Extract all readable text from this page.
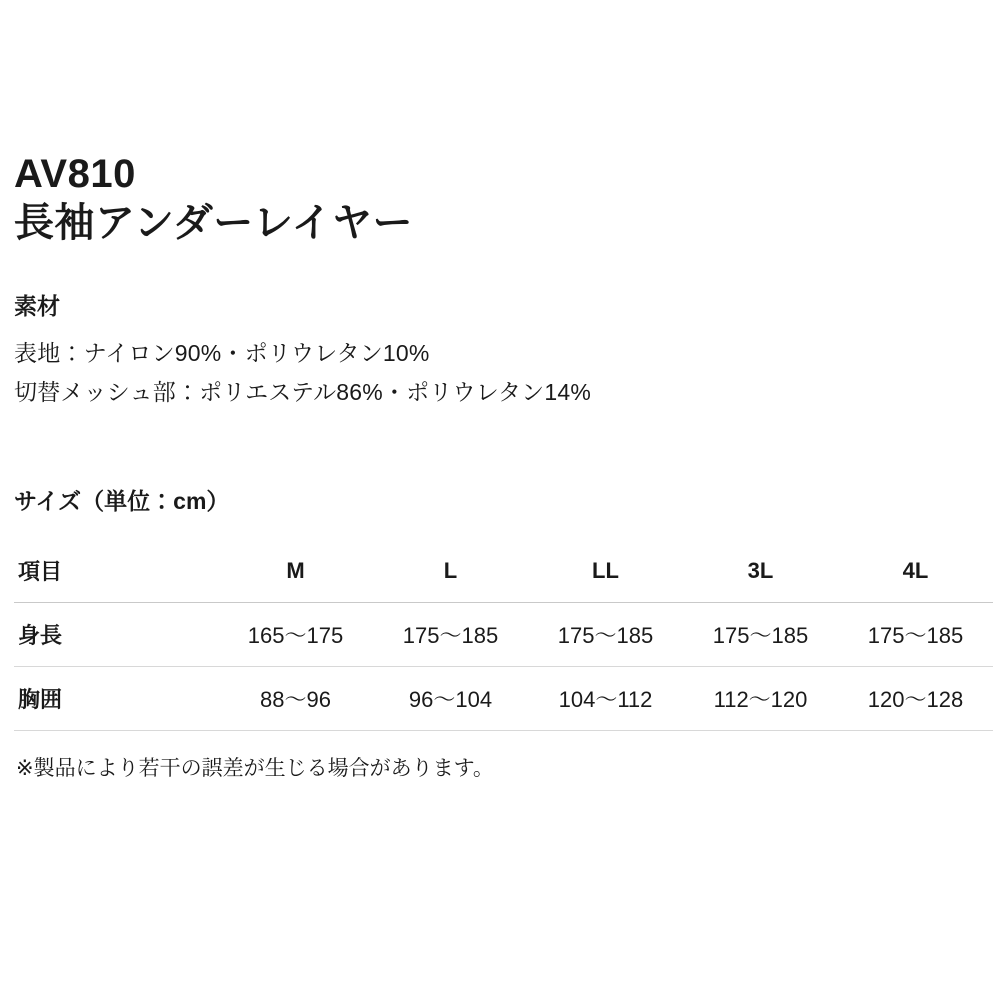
AV810
長袖アンダーレイヤー
素材

表地：ナイロン90%・ポリウレタン10%

切替メッシュ部：ポリエステル86%・ポリウレタン14%

サイズ（単位：cm）
項目	M	L	LL	3L	4L
身長	165〜175	175〜185	175〜185	175〜185	175〜185
胸囲	88〜96	96〜104	104〜112	112〜120	120〜128

※製品により若干の誤差が生じる場合があります。
